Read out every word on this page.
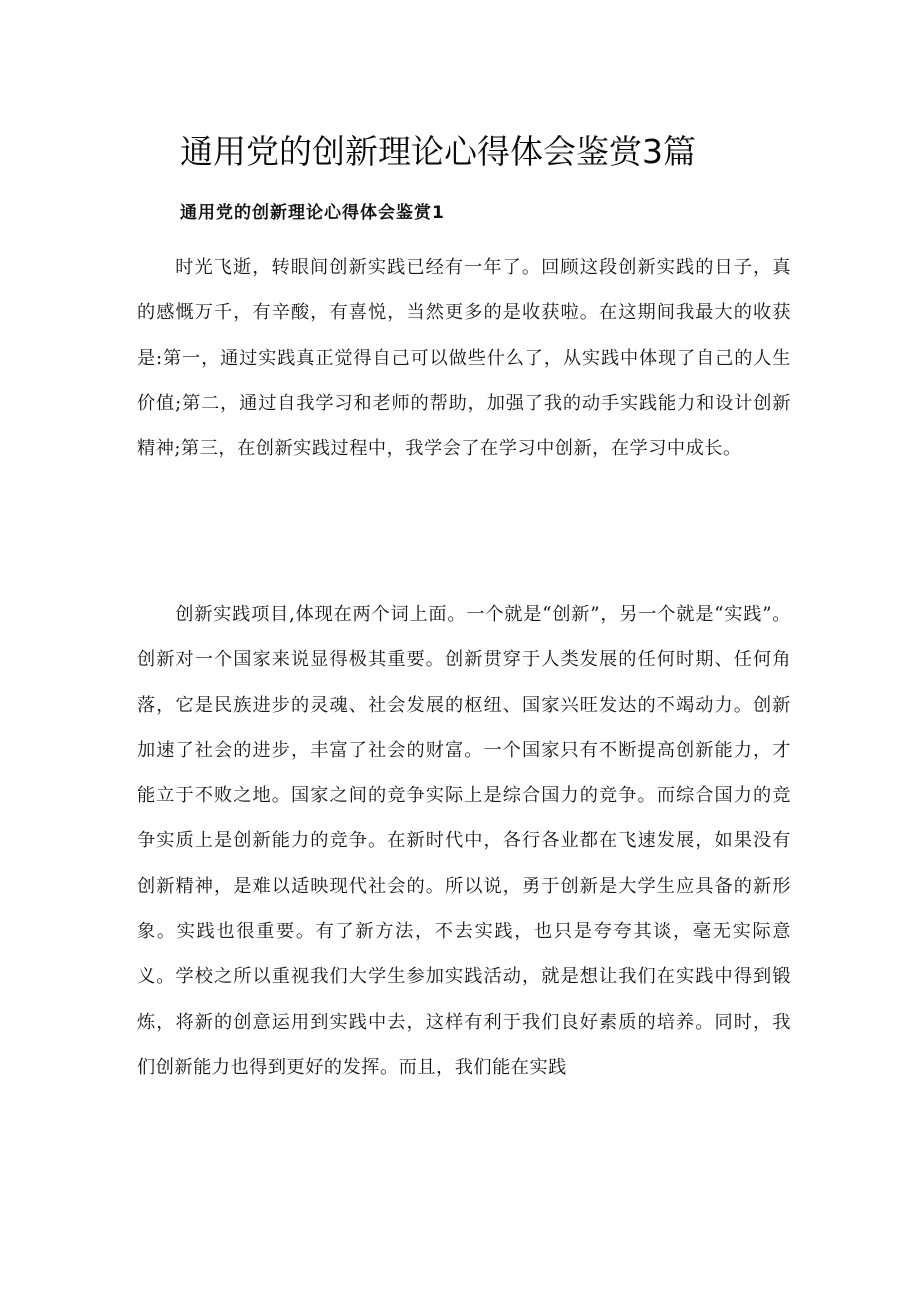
通用党的创新理论心得体会鉴赏3篇
通用党的创新理论心得体会鉴赏1

时光飞逝，转眼间创新实践已经有一年了。回顾这段创新实践的日子，真的感慨万千，有辛酸，有喜悦，当然更多的是收获啦。在这期间我最大的收获是:第一，通过实践真正觉得自己可以做些什么了，从实践中体现了自己的人生价值;第二，通过自我学习和老师的帮助，加强了我的动手实践能力和设计创新精神;第三，在创新实践过程中，我学会了在学习中创新，在学习中成长。

创新实践项目,体现在两个词上面。一个就是“创新”，另一个就是“实践”。创新对一个国家来说显得极其重要。创新贯穿于人类发展的任何时期、任何角落，它是民族进步的灵魂、社会发展的枢纽、国家兴旺发达的不竭动力。创新加速了社会的进步，丰富了社会的财富。一个国家只有不断提高创新能力，才能立于不败之地。国家之间的竞争实际上是综合国力的竞争。而综合国力的竞争实质上是创新能力的竞争。在新时代中，各行各业都在飞速发展，如果没有创新精神，是难以适映现代社会的。所以说，勇于创新是大学生应具备的新形象。实践也很重要。有了新方法，不去实践，也只是夸夸其谈，毫无实际意义。学校之所以重视我们大学生参加实践活动，就是想让我们在实践中得到锻炼，将新的创意运用到实践中去，这样有利于我们良好素质的培养。同时，我们创新能力也得到更好的发挥。而且，我们能在实践
